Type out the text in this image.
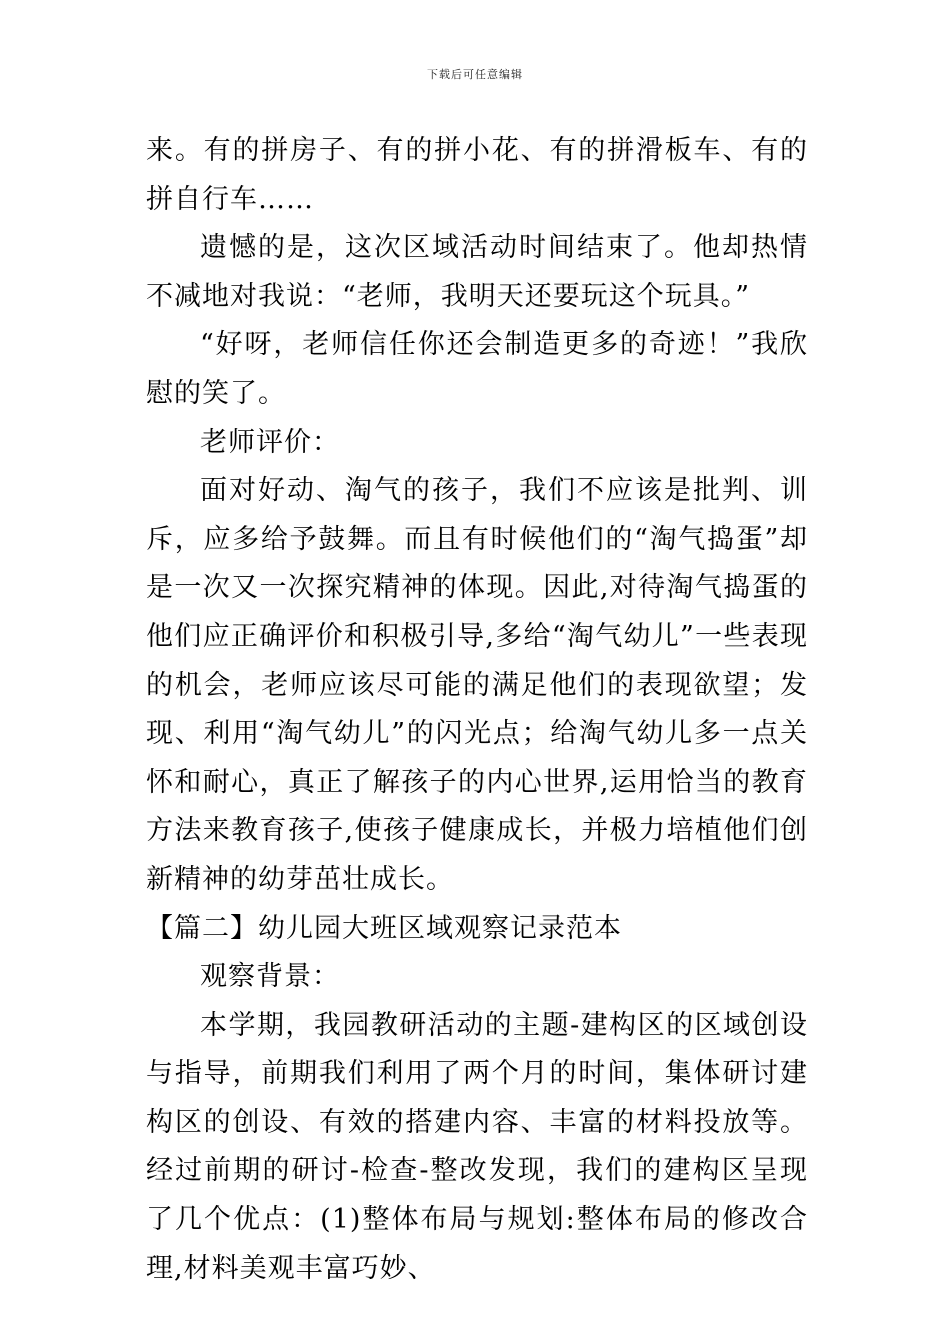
下载后可任意编辑

来。有的拼房子、有的拼小花、有的拼滑板车、有的拼自行车……

遗憾的是，这次区域活动时间结束了。他却热情不减地对我说：“老师，我明天还要玩这个玩具。”

“好呀，老师信任你还会制造更多的奇迹！”我欣慰的笑了。

老师评价：

面对好动、淘气的孩子，我们不应该是批判、训斥，应多给予鼓舞。而且有时候他们的“淘气捣蛋”却是一次又一次探究精神的体现。因此,对待淘气捣蛋的他们应正确评价和积极引导,多给“淘气幼儿”一些表现的机会，老师应该尽可能的满足他们的表现欲望；发现、利用“淘气幼儿”的闪光点；给淘气幼儿多一点关怀和耐心，真正了解孩子的内心世界,运用恰当的教育方法来教育孩子,使孩子健康成长，并极力培植他们创新精神的幼芽茁壮成长。

【篇二】幼儿园大班区域观察记录范本

观察背景：

本学期，我园教研活动的主题-建构区的区域创设与指导，前期我们利用了两个月的时间，集体研讨建构区的创设、有效的搭建内容、丰富的材料投放等。经过前期的研讨-检查-整改发现，我们的建构区呈现了几个优点：(1)整体布局与规划:整体布局的修改合理,材料美观丰富巧妙、
